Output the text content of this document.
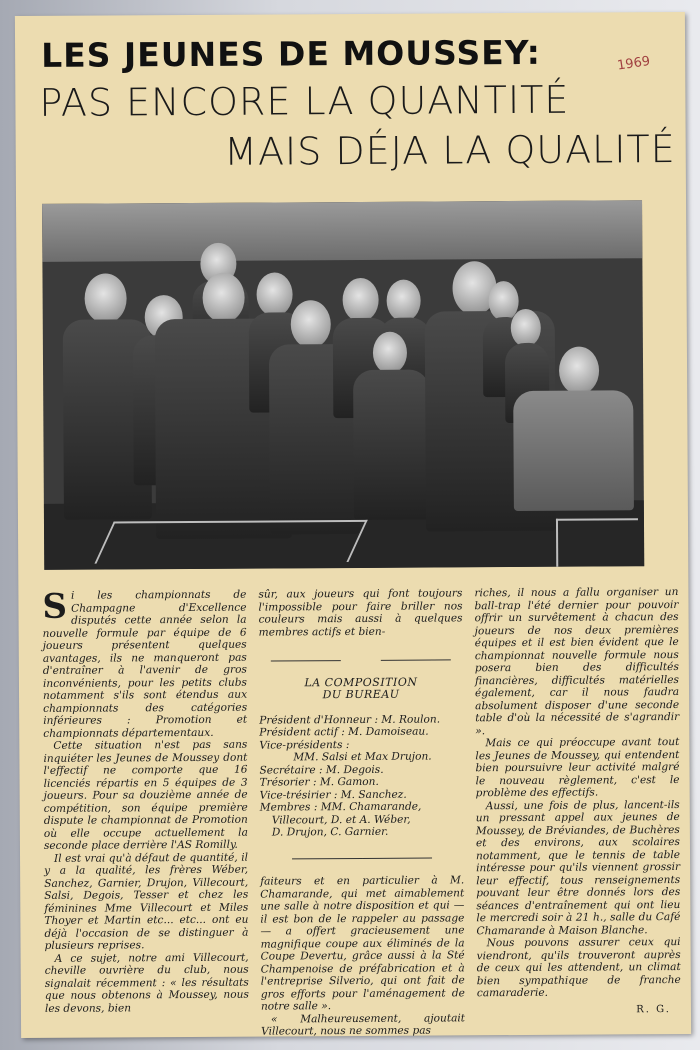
LES JEUNES DE MOUSSEY:	1969
PAS ENCORE LA QUANTITÉ
MAIS DÉJA LA QUALITÉ

Si les championnats de Champagne d'Excellence disputés cette année selon la nouvelle formule par équipe de 6 joueurs présentent quelques avantages, ils ne manqueront pas d'entraîner à l'avenir de gros inconvénients, pour les petits clubs notamment s'ils sont étendus aux championnats des catégories inférieures : Promotion et championnats départementaux.

Cette situation n'est pas sans inquiéter les Jeunes de Moussey dont l'effectif ne comporte que 16 licenciés répartis en 5 équipes de 3 joueurs. Pour sa douzième année de compétition, son équipe première dispute le championnat de Promotion où elle occupe actuellement la seconde place derrière l'AS Romilly.

Il est vrai qu'à défaut de quantité, il y a la qualité, les frères Wéber, Sanchez, Garnier, Drujon, Villecourt, Salsi, Degois, Tesser et chez les féminines Mme Villecourt et Miles Thoyer et Martin etc... etc... ont eu déjà l'occasion de se distinguer à plusieurs reprises.

A ce sujet, notre ami Villecourt, cheville ouvrière du club, nous signalait récemment : « les résultats que nous obtenons à Moussey, nous les devons, bien

sûr, aux joueurs qui font toujours l'impossible pour faire briller nos couleurs mais aussi à quelques membres actifs et bien-

LA COMPOSITION
DU BUREAU

Président d'Honneur : M. Roulon.

Président actif : M. Damoiseau.

Vice-présidents :

MM. Salsi et Max Drujon.

Secrétaire : M. Degois.

Trésorier : M. Gamon.

Vice-trésirier : M. Sanchez.

Membres : MM. Chamarande,

Villecourt, D. et A. Wéber,

D. Drujon, C. Garnier.

faiteurs et en particulier à M. Chamarande, qui met aimablement une salle à notre disposition et qui — il est bon de le rappeler au passage — a offert gracieusement une magnifique coupe aux éliminés de la Coupe Devertu, grâce aussi à la Sté Champenoise de préfabrication et à l'entreprise Silverio, qui ont fait de gros efforts pour l'aménagement de notre salle ».

« Malheureusement, ajoutait Villecourt, nous ne sommes pas

riches, il nous a fallu organiser un ball-trap l'été dernier pour pouvoir offrir un survêtement à chacun des joueurs de nos deux premières équipes et il est bien évident que le championnat nouvelle formule nous posera bien des difficultés financières, difficultés matérielles également, car il nous faudra absolument disposer d'une seconde table d'où la nécessité de s'agrandir ».

Mais ce qui préoccupe avant tout les Jeunes de Moussey, qui entendent bien poursuivre leur activité malgré le nouveau règlement, c'est le problème des effectifs.

Aussi, une fois de plus, lancent-ils un pressant appel aux jeunes de Moussey, de Bréviandes, de Buchères et des environs, aux scolaires notamment, que le tennis de table intéresse pour qu'ils viennent grossir leur effectif, tous renseignements pouvant leur être donnés lors des séances d'entraînement qui ont lieu le mercredi soir à 21 h., salle du Café Chamarande à Maison Blanche.

Nous pouvons assurer ceux qui viendront, qu'ils trouveront auprès de ceux qui les attendent, un climat bien sympathique de franche camaraderie.

R. G.
